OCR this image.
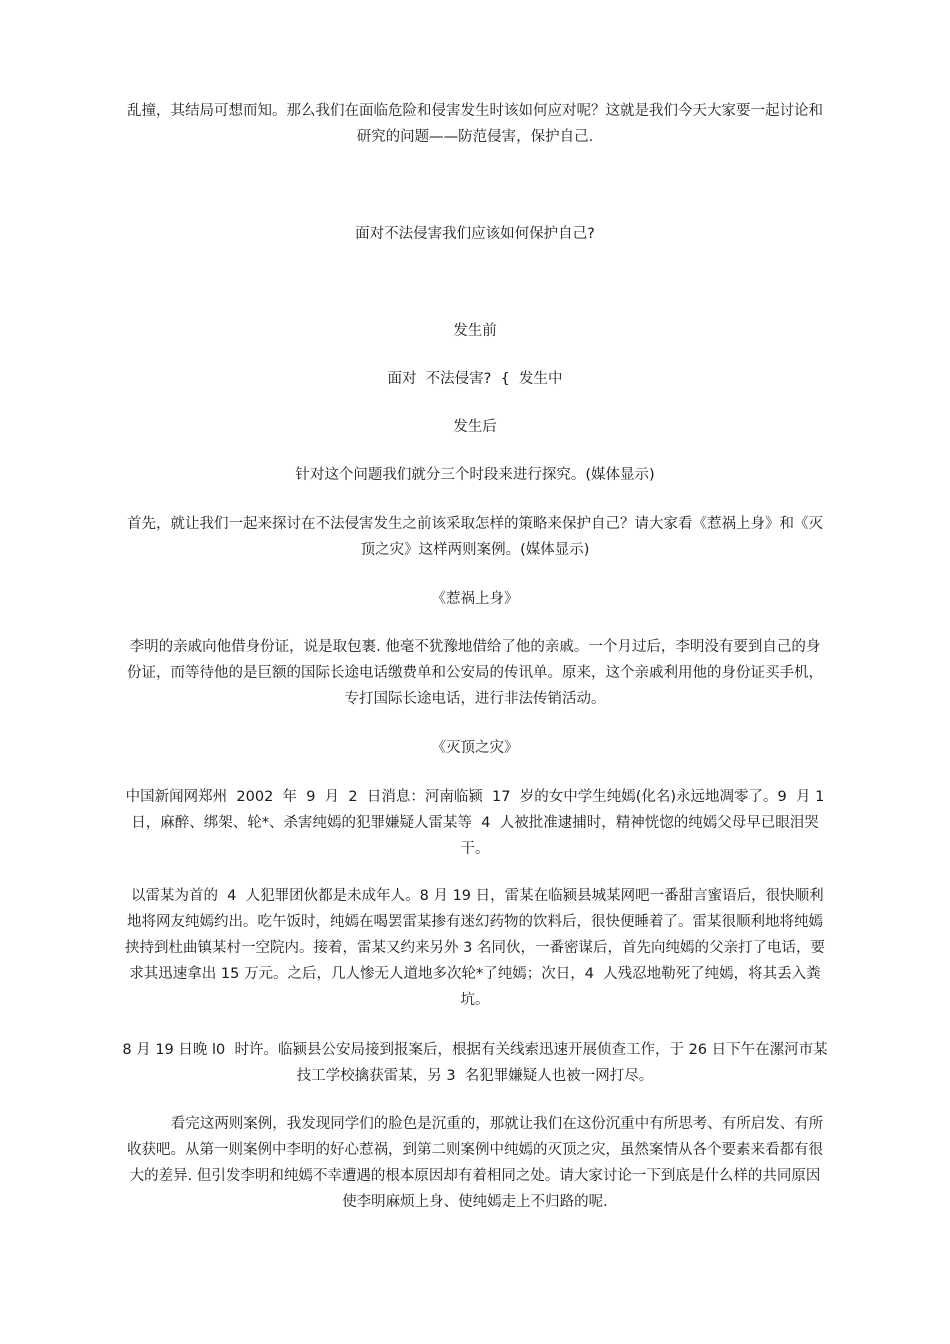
乱撞，其结局可想而知。那么我们在面临危险和侵害发生时该如何应对呢？这就是我们今天大家要一起讨论和
研究的问题——防范侵害，保护自己.

面对不法侵害我们应该如何保护自己?

发生前

面对  不法侵害?  {  发生中

发生后

针对这个问题我们就分三个时段来进行探究。(媒体显示)

首先，就让我们一起来探讨在不法侵害发生之前该采取怎样的策略来保护自己？请大家看《惹祸上身》和《灭
顶之灾》这样两则案例。(媒体显示)

《惹祸上身》

李明的亲戚向他借身份证，说是取包裹. 他毫不犹豫地借给了他的亲戚。一个月过后，李明没有要到自己的身
份证，而等待他的是巨额的国际长途电话缴费单和公安局的传讯单。原来，这个亲戚利用他的身份证买手机，
专打国际长途电话，进行非法传销活动。

《灭顶之灾》

中国新闻网郑州  2002  年  9  月  2  日消息：河南临颍  17  岁的女中学生纯嫣(化名)永远地凋零了。9  月 1
日，麻醉、绑架、轮*、杀害纯嫣的犯罪嫌疑人雷某等  4  人被批准逮捕时，精神恍惚的纯嫣父母早已眼泪哭
干。

以雷某为首的  4  人犯罪团伙都是未成年人。8 月 19 日，雷某在临颍县城某网吧一番甜言蜜语后，很快顺利
地将网友纯嫣约出。吃午饭时，纯嫣在喝罢雷某掺有迷幻药物的饮料后，很快便睡着了。雷某很顺利地将纯嫣
挟持到杜曲镇某村一空院内。接着，雷某又约来另外 3 名同伙，一番密谋后，首先向纯嫣的父亲打了电话，要
求其迅速拿出 15 万元。之后，几人惨无人道地多次轮*了纯嫣；次日，4  人残忍地勒死了纯嫣，将其丢入粪
坑。

8 月 19 日晚 l0  时许。临颍县公安局接到报案后，根据有关线索迅速开展侦查工作，于 26 日下午在漯河市某
技工学校擒获雷某，另 3  名犯罪嫌疑人也被一网打尽。

看完这两则案例，我发现同学们的脸色是沉重的，那就让我们在这份沉重中有所思考、有所启发、有所
收获吧。从第一则案例中李明的好心惹祸，到第二则案例中纯嫣的灭顶之灾，虽然案情从各个要素来看都有很
大的差异. 但引发李明和纯嫣不幸遭遇的根本原因却有着相同之处。请大家讨论一下到底是什么样的共同原因
使李明麻烦上身、使纯嫣走上不归路的呢.
